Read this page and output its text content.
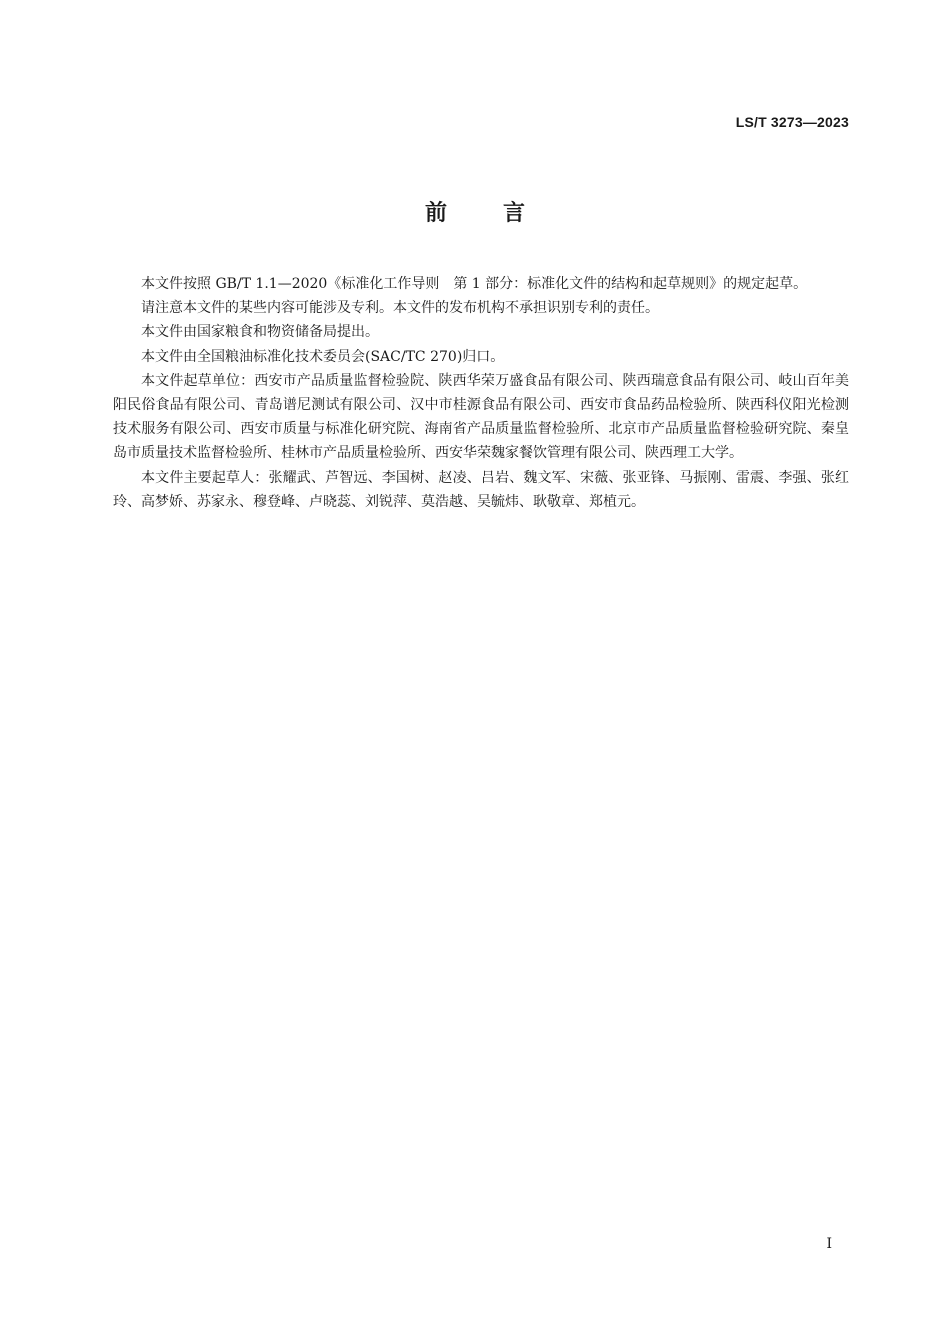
LS/T 3273—2023
前言

本文件按照 GB/T 1.1—2020《标准化工作导则　第 1 部分：标准化文件的结构和起草规则》的规定起草。

请注意本文件的某些内容可能涉及专利。本文件的发布机构不承担识别专利的责任。

本文件由国家粮食和物资储备局提出。

本文件由全国粮油标准化技术委员会(SAC/TC 270)归口。

本文件起草单位：西安市产品质量监督检验院、陕西华荣万盛食品有限公司、陕西瑞意食品有限公司、岐山百年美阳民俗食品有限公司、青岛谱尼测试有限公司、汉中市桂源食品有限公司、西安市食品药品检验所、陕西科仪阳光检测技术服务有限公司、西安市质量与标准化研究院、海南省产品质量监督检验所、北京市产品质量监督检验研究院、秦皇岛市质量技术监督检验所、桂林市产品质量检验所、西安华荣魏家餐饮管理有限公司、陕西理工大学。

本文件主要起草人：张耀武、芦智远、李国树、赵凌、吕岩、魏文军、宋薇、张亚锋、马振刚、雷震、李强、张红玲、高梦娇、苏家永、穆登峰、卢晓蕊、刘锐萍、莫浩越、吴毓炜、耿敬章、郑植元。

I
